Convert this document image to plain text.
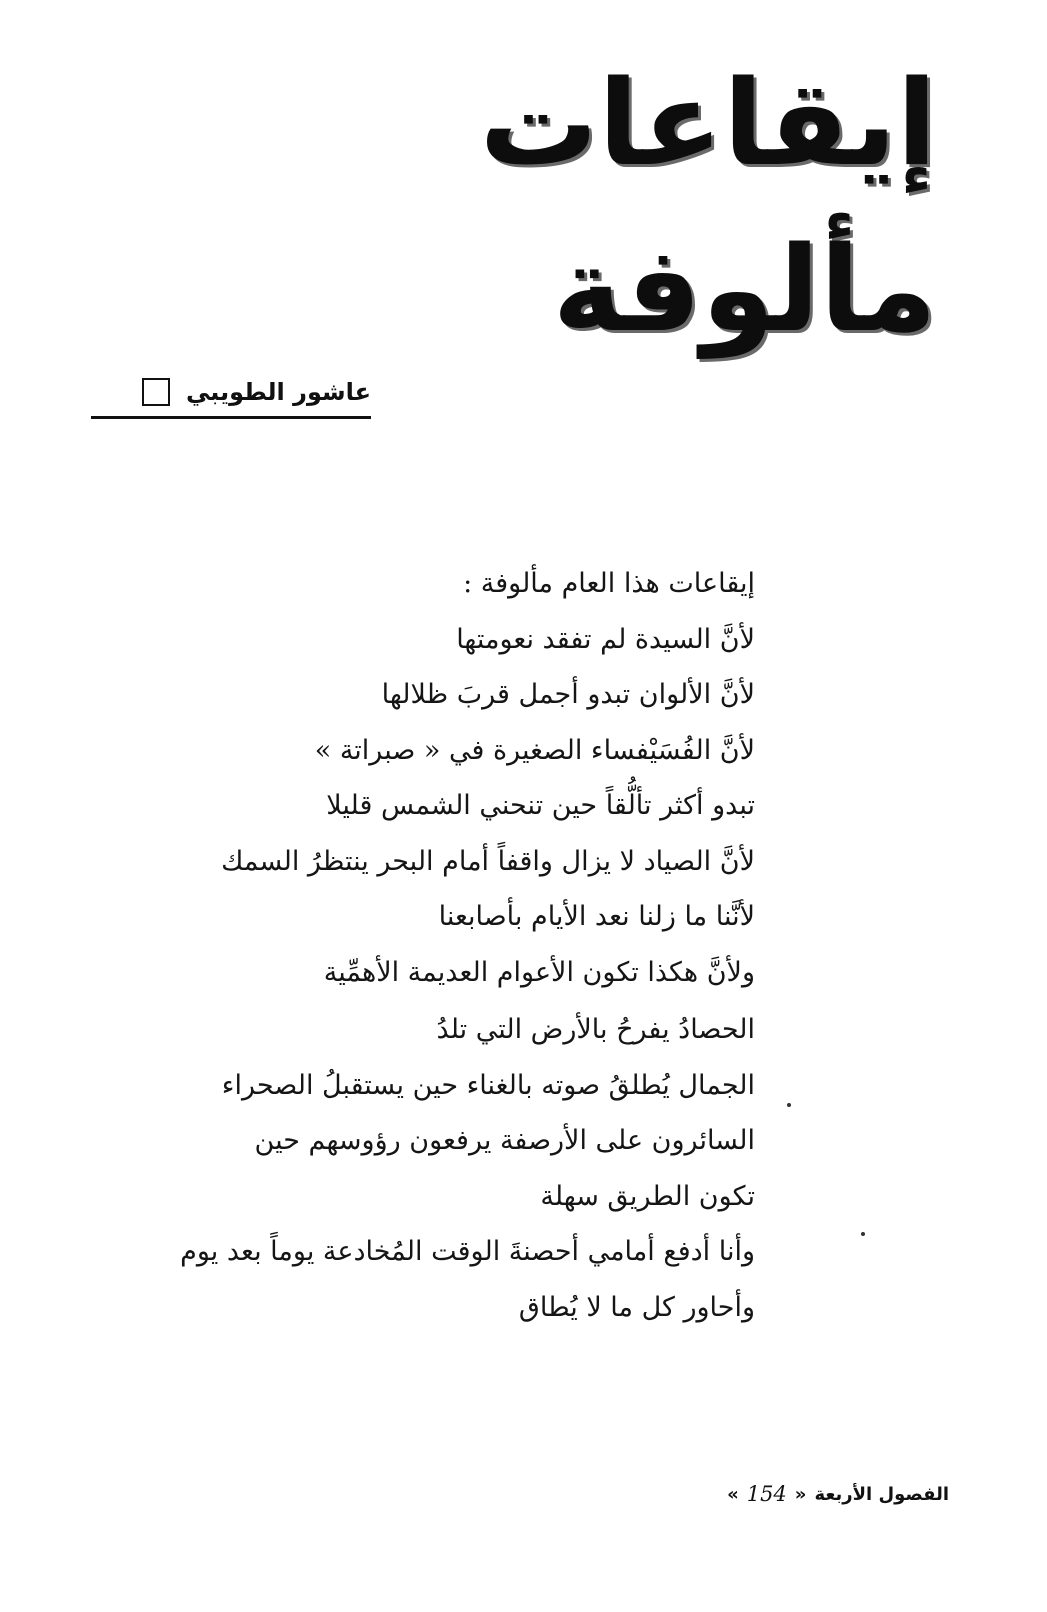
إيقاعات
مألوفة
عاشور الطويبي
إيقاعات هذا العام مألوفة :
لأنَّ السيدة لم تفقد نعومتها
لأنَّ الألوان تبدو أجمل قربَ ظلالها
لأنَّ الفُسَيْفساء الصغيرة في « صبراتة »
تبدو أكثر تألُّقاً حين تنحني الشمس قليلا
لأنَّ الصياد لا يزال واقفاً أمام البحر ينتظرُ السمك
لأنَّنا ما زلنا نعد الأيام بأصابعنا
ولأنَّ هكذا تكون الأعوام العديمة الأهمِّية
الحصادُ يفرحُ بالأرض التي تلدُ
الجمال يُطلقُ صوته بالغناء حين يستقبلُ الصحراء
السائرون على الأرصفة يرفعون رؤوسهم حين
تكون الطريق سهلة
وأنا أدفع أمامي أحصنةَ الوقت المُخادعة يوماً بعد يوم
وأحاور كل ما لا يُطاق
الفصول الأربعة
«
154
»
